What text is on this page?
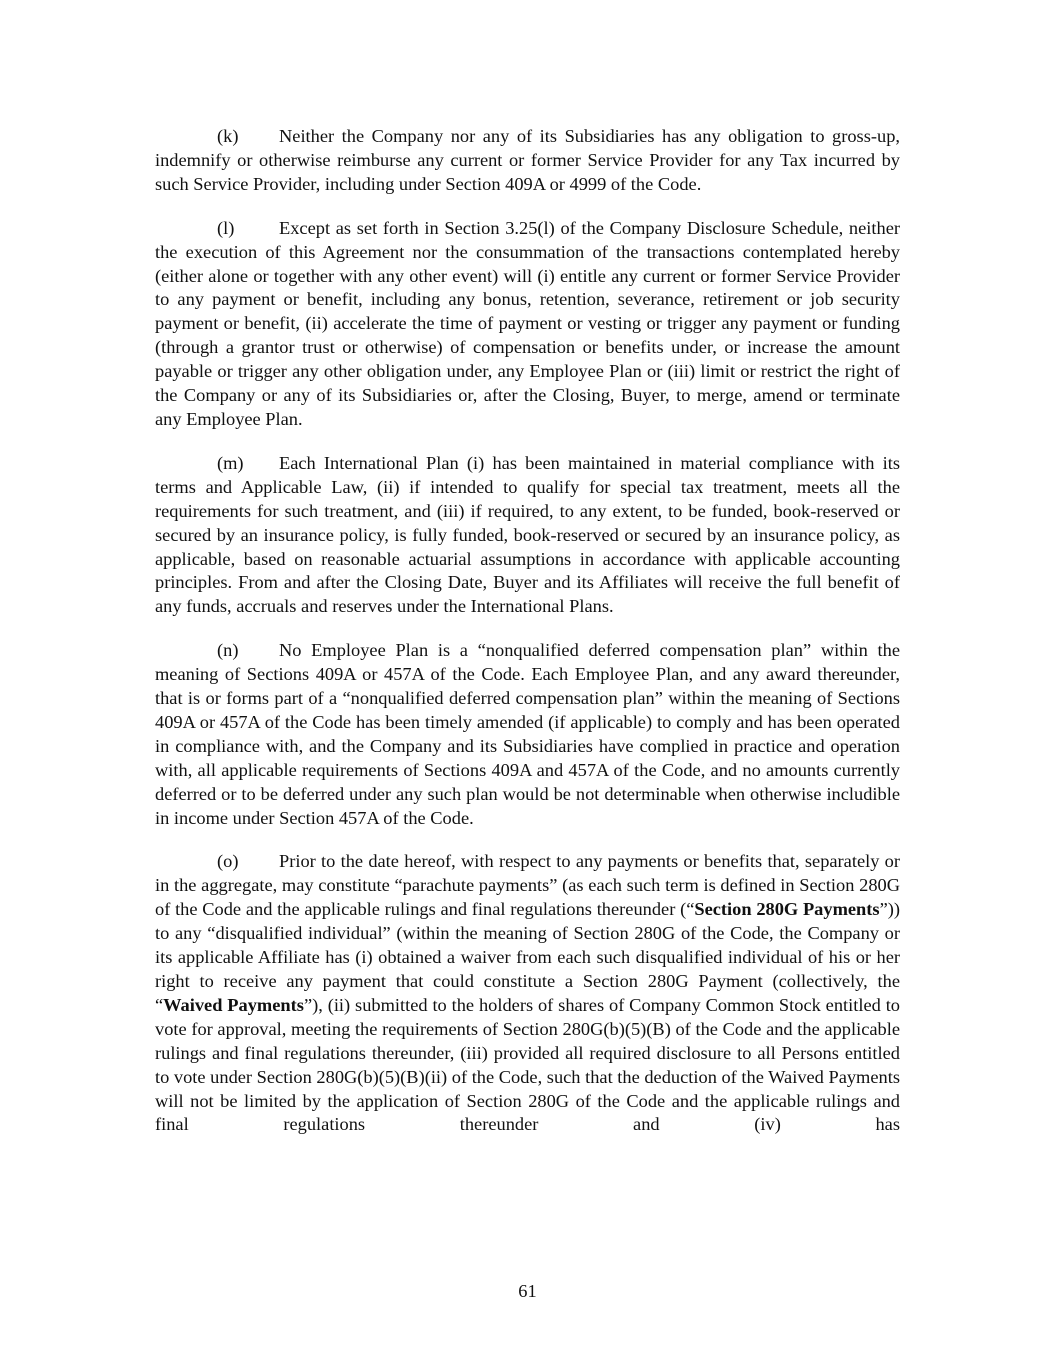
(k) Neither the Company nor any of its Subsidiaries has any obligation to gross-up, indemnify or otherwise reimburse any current or former Service Provider for any Tax incurred by such Service Provider, including under Section 409A or 4999 of the Code.

(l) Except as set forth in Section 3.25(l) of the Company Disclosure Schedule, neither the execution of this Agreement nor the consummation of the transactions contemplated hereby (either alone or together with any other event) will (i) entitle any current or former Service Provider to any payment or benefit, including any bonus, retention, severance, retirement or job security payment or benefit, (ii) accelerate the time of payment or vesting or trigger any payment or funding (through a grantor trust or otherwise) of compensation or benefits under, or increase the amount payable or trigger any other obligation under, any Employee Plan or (iii) limit or restrict the right of the Company or any of its Subsidiaries or, after the Closing, Buyer, to merge, amend or terminate any Employee Plan.

(m) Each International Plan (i) has been maintained in material compliance with its terms and Applicable Law, (ii) if intended to qualify for special tax treatment, meets all the requirements for such treatment, and (iii) if required, to any extent, to be funded, book-reserved or secured by an insurance policy, is fully funded, book-reserved or secured by an insurance policy, as applicable, based on reasonable actuarial assumptions in accordance with applicable accounting principles. From and after the Closing Date, Buyer and its Affiliates will receive the full benefit of any funds, accruals and reserves under the International Plans.

(n) No Employee Plan is a “nonqualified deferred compensation plan” within the meaning of Sections 409A or 457A of the Code. Each Employee Plan, and any award thereunder, that is or forms part of a “nonqualified deferred compensation plan” within the meaning of Sections 409A or 457A of the Code has been timely amended (if applicable) to comply and has been operated in compliance with, and the Company and its Subsidiaries have complied in practice and operation with, all applicable requirements of Sections 409A and 457A of the Code, and no amounts currently deferred or to be deferred under any such plan would be not determinable when otherwise includible in income under Section 457A of the Code.

(o) Prior to the date hereof, with respect to any payments or benefits that, separately or in the aggregate, may constitute “parachute payments” (as each such term is defined in Section 280G of the Code and the applicable rulings and final regulations thereunder (“Section 280G Payments”)) to any “disqualified individual” (within the meaning of Section 280G of the Code, the Company or its applicable Affiliate has (i) obtained a waiver from each such disqualified individual of his or her right to receive any payment that could constitute a Section 280G Payment (collectively, the “Waived Payments”), (ii) submitted to the holders of shares of Company Common Stock entitled to vote for approval, meeting the requirements of Section 280G(b)(5)(B) of the Code and the applicable rulings and final regulations thereunder, (iii) provided all required disclosure to all Persons entitled to vote under Section 280G(b)(5)(B)(ii) of the Code, such that the deduction of the Waived Payments will not be limited by the application of Section 280G of the Code and the applicable rulings and final regulations thereunder and (iv) has

61
